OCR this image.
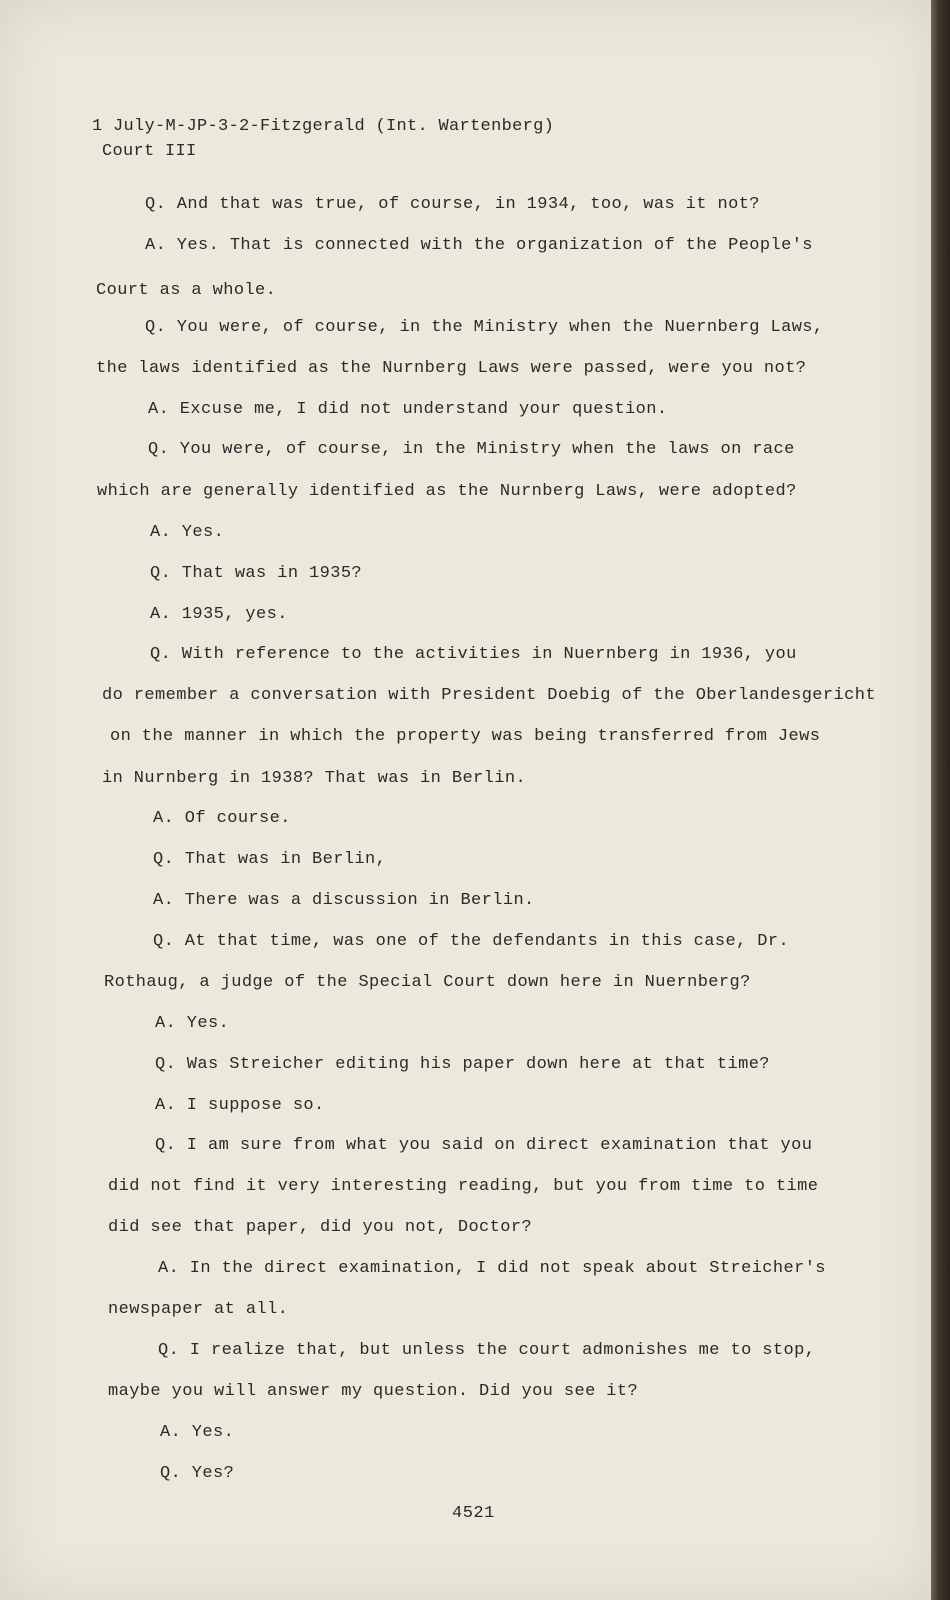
1 July-M-JP-3-2-Fitzgerald (Int. Wartenberg)
Court III
Q. And that was true, of course, in 1934, too, was it not?
A. Yes. That is connected with the organization of the People's
Court as a whole.
Q. You were, of course, in the Ministry when the Nuernberg Laws,
the laws identified as the Nurnberg Laws were passed, were you not?
A. Excuse me, I did not understand your question.
Q. You were, of course, in the Ministry when the laws on race
which are generally identified as the Nurnberg Laws, were adopted?
A. Yes.
Q. That was in 1935?
A. 1935, yes.
Q. With reference to the activities in Nuernberg in 1936, you
do remember a conversation with President Doebig of the Oberlandesgericht
on the manner in which the property was being transferred from Jews
in Nurnberg in 1938? That was in Berlin.
A. Of course.
Q. That was in Berlin,
A. There was a discussion in Berlin.
Q. At that time, was one of the defendants in this case, Dr.
Rothaug, a judge of the Special Court down here in Nuernberg?
A. Yes.
Q. Was Streicher editing his paper down here at that time?
A. I suppose so.
Q. I am sure from what you said on direct examination that you
did not find it very interesting reading, but you from time to time
did see that paper, did you not, Doctor?
A. In the direct examination, I did not speak about Streicher's
newspaper at all.
Q. I realize that, but unless the court admonishes me to stop,
maybe you will answer my question. Did you see it?
A. Yes.
Q. Yes?
4521
